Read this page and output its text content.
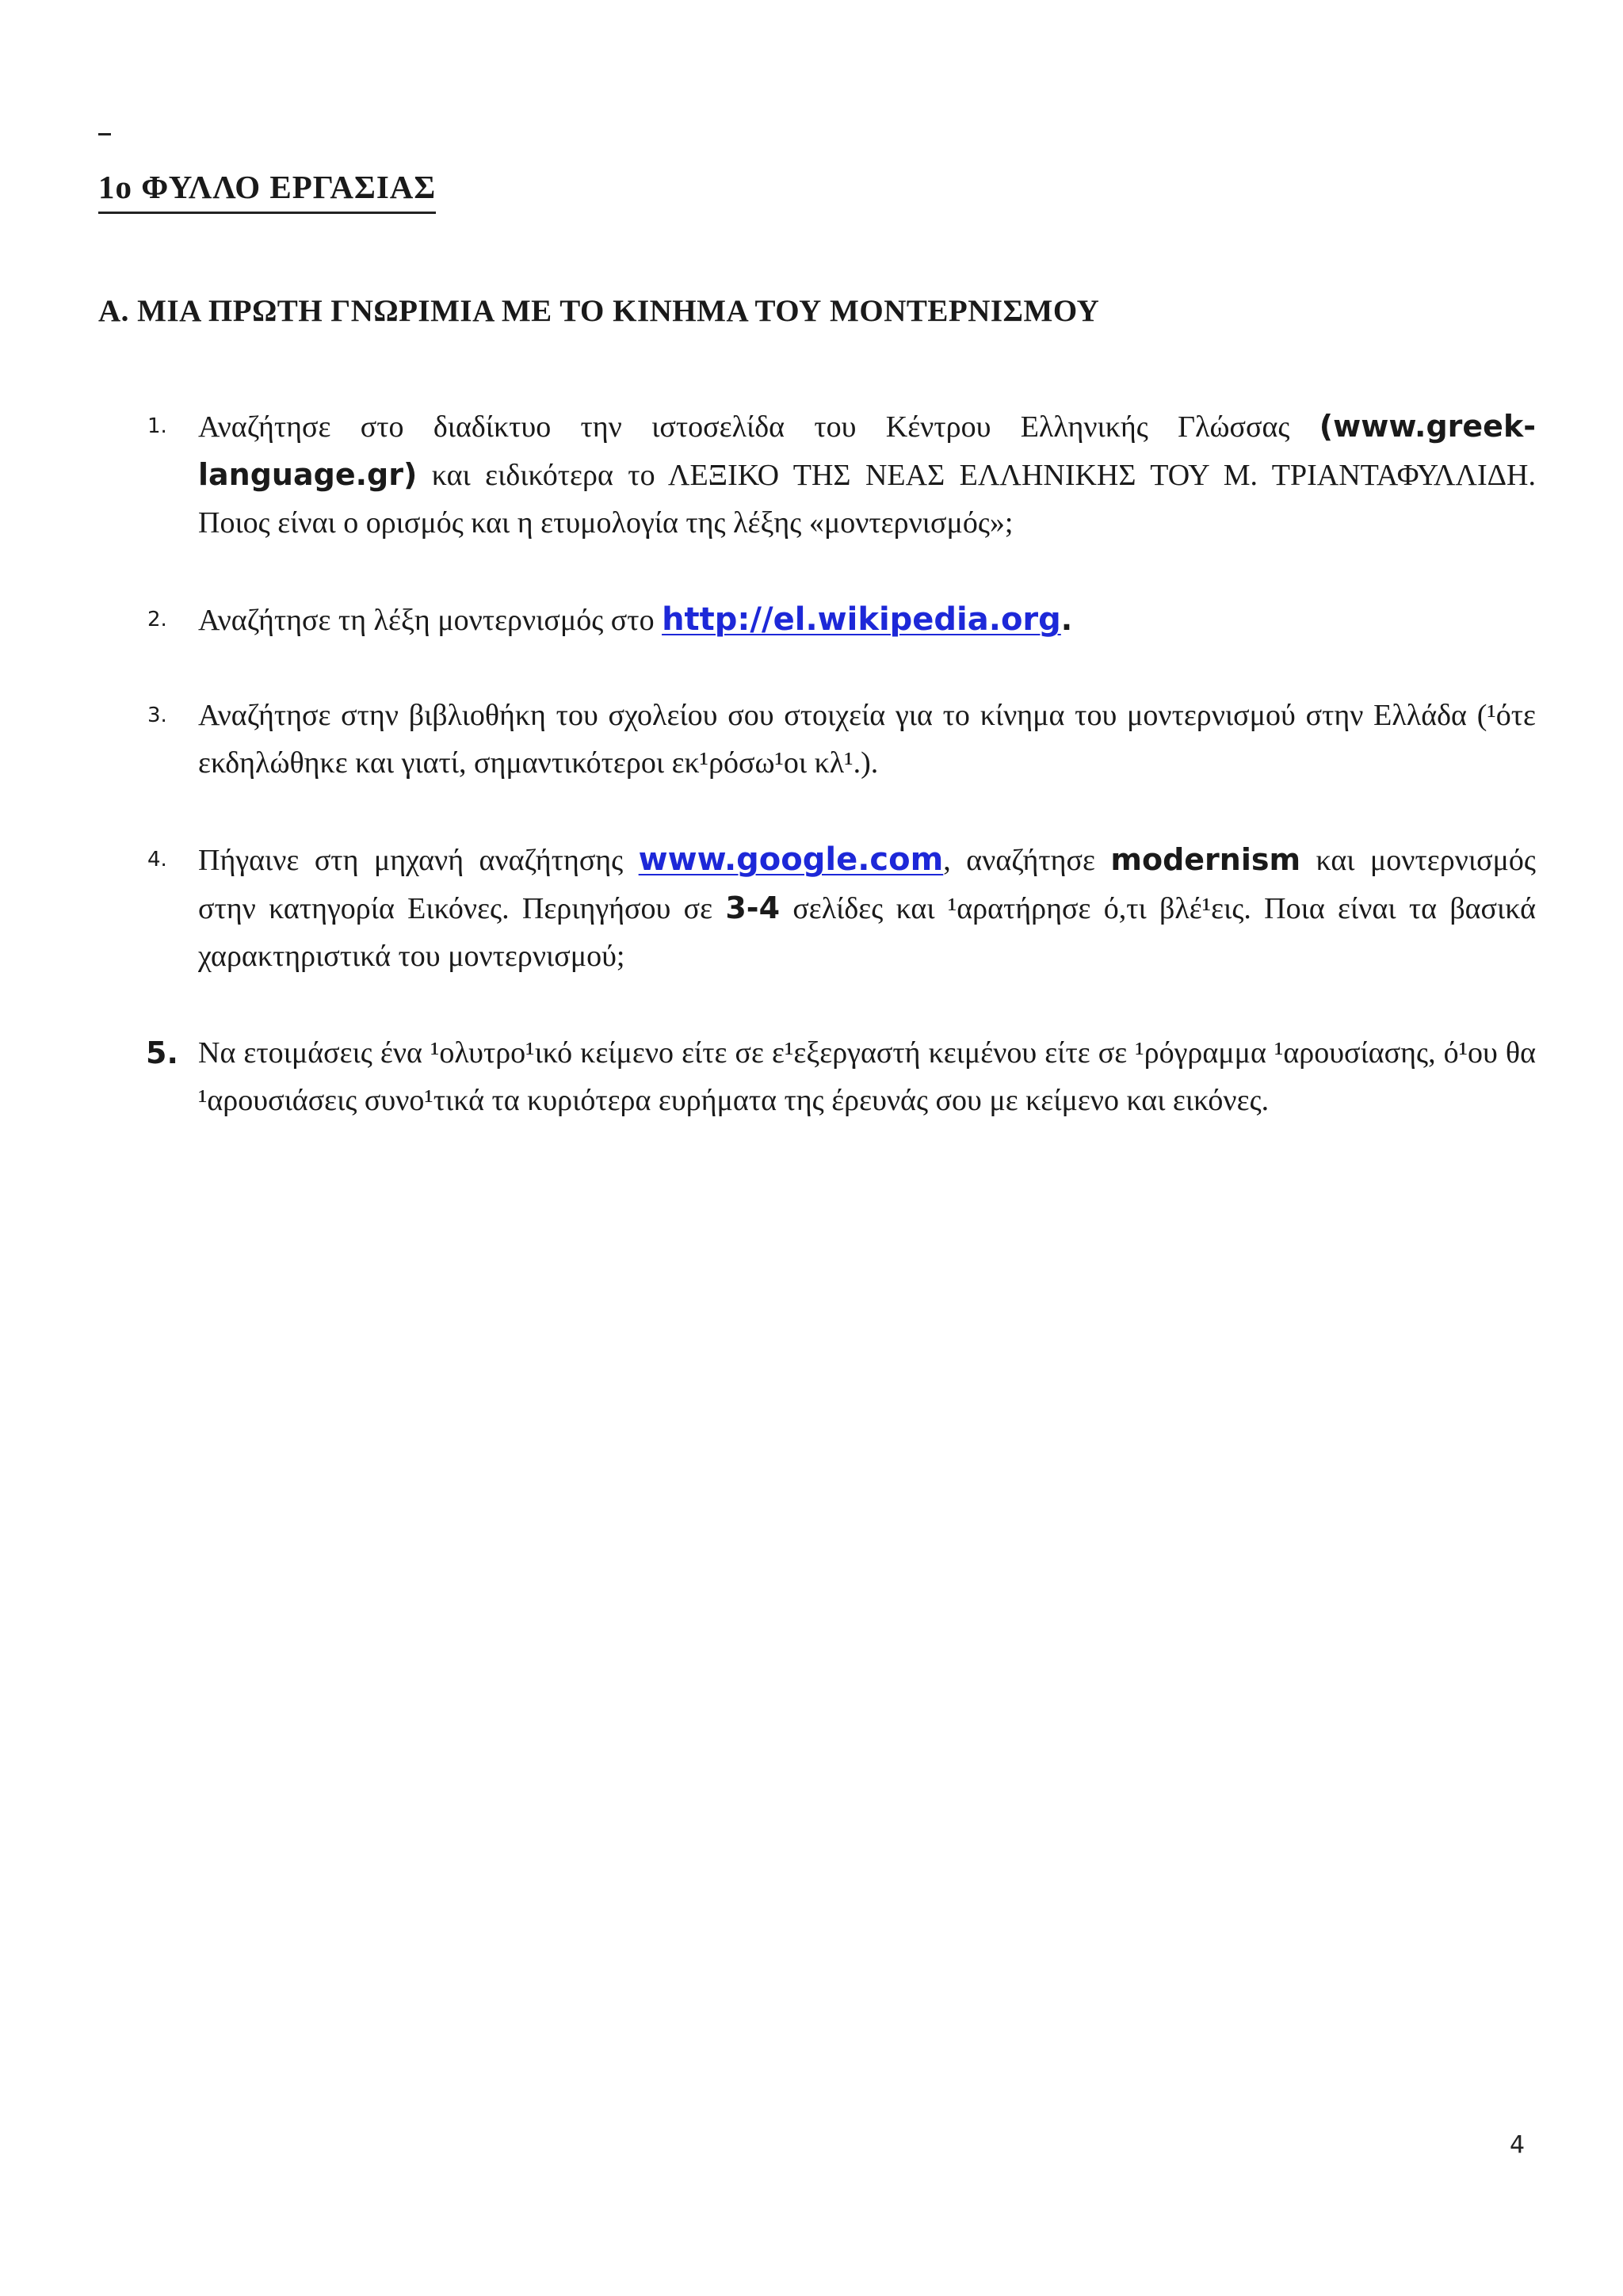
1ο ΦΥΛΛΟ ΕΡΓΑΣΙΑΣ
Α. ΜΙΑ ΠΡΩΤΗ ΓΝΩΡΙΜΙΑ ΜΕ ΤΟ ΚΙΝΗΜΑ ΤΟΥ ΜΟΝΤΕΡΝΙΣΜΟΥ
1. Αναζήτησε στο διαδίκτυο την ιστοσελίδα του Κέντρου Ελληνικής Γλώσσας (www.greek-language.gr) και ειδικότερα το ΛΕΞΙΚΟ ΤΗΣ ΝΕΑΣ ΕΛΛΗΝΙΚΗΣ ΤΟΥ Μ. ΤΡΙΑΝΤΑΦΥΛΛΙΔΗ. Ποιος είναι ο ορισμός και η ετυμολογία της λέξης «μοντερνισμός»;
2. Αναζήτησε τη λέξη μοντερνισμός στο http://el.wikipedia.org.
3. Αναζήτησε στην βιβλιοθήκη του σχολείου σου στοιχεία για το κίνημα του μοντερνισμού στην Ελλάδα (¹ότε εκδηλώθηκε και γιατί, σημαντικότεροι εκ¹ρόσω¹οι κλ¹.).
4. Πήγαινε στη μηχανή αναζήτησης www.google.com, αναζήτησε modernism και μοντερνισμός στην κατηγορία Εικόνες. Περιηγήσου σε 3-4 σελίδες και ¹αρατήρησε ό,τι βλέ¹εις. Ποια είναι τα βασικά χαρακτηριστικά του μοντερνισμού;
5. Να ετοιμάσεις ένα ¹ολυτρο¹ικό κείμενο είτε σε ε¹εξεργαστή κειμένου είτε σε ¹ρόγραμμα ¹αρουσίασης, ό¹ου θα ¹αρουσιάσεις συνο¹τικά τα κυριότερα ευρήματα της έρευνάς σου με κείμενο και εικόνες.
4
